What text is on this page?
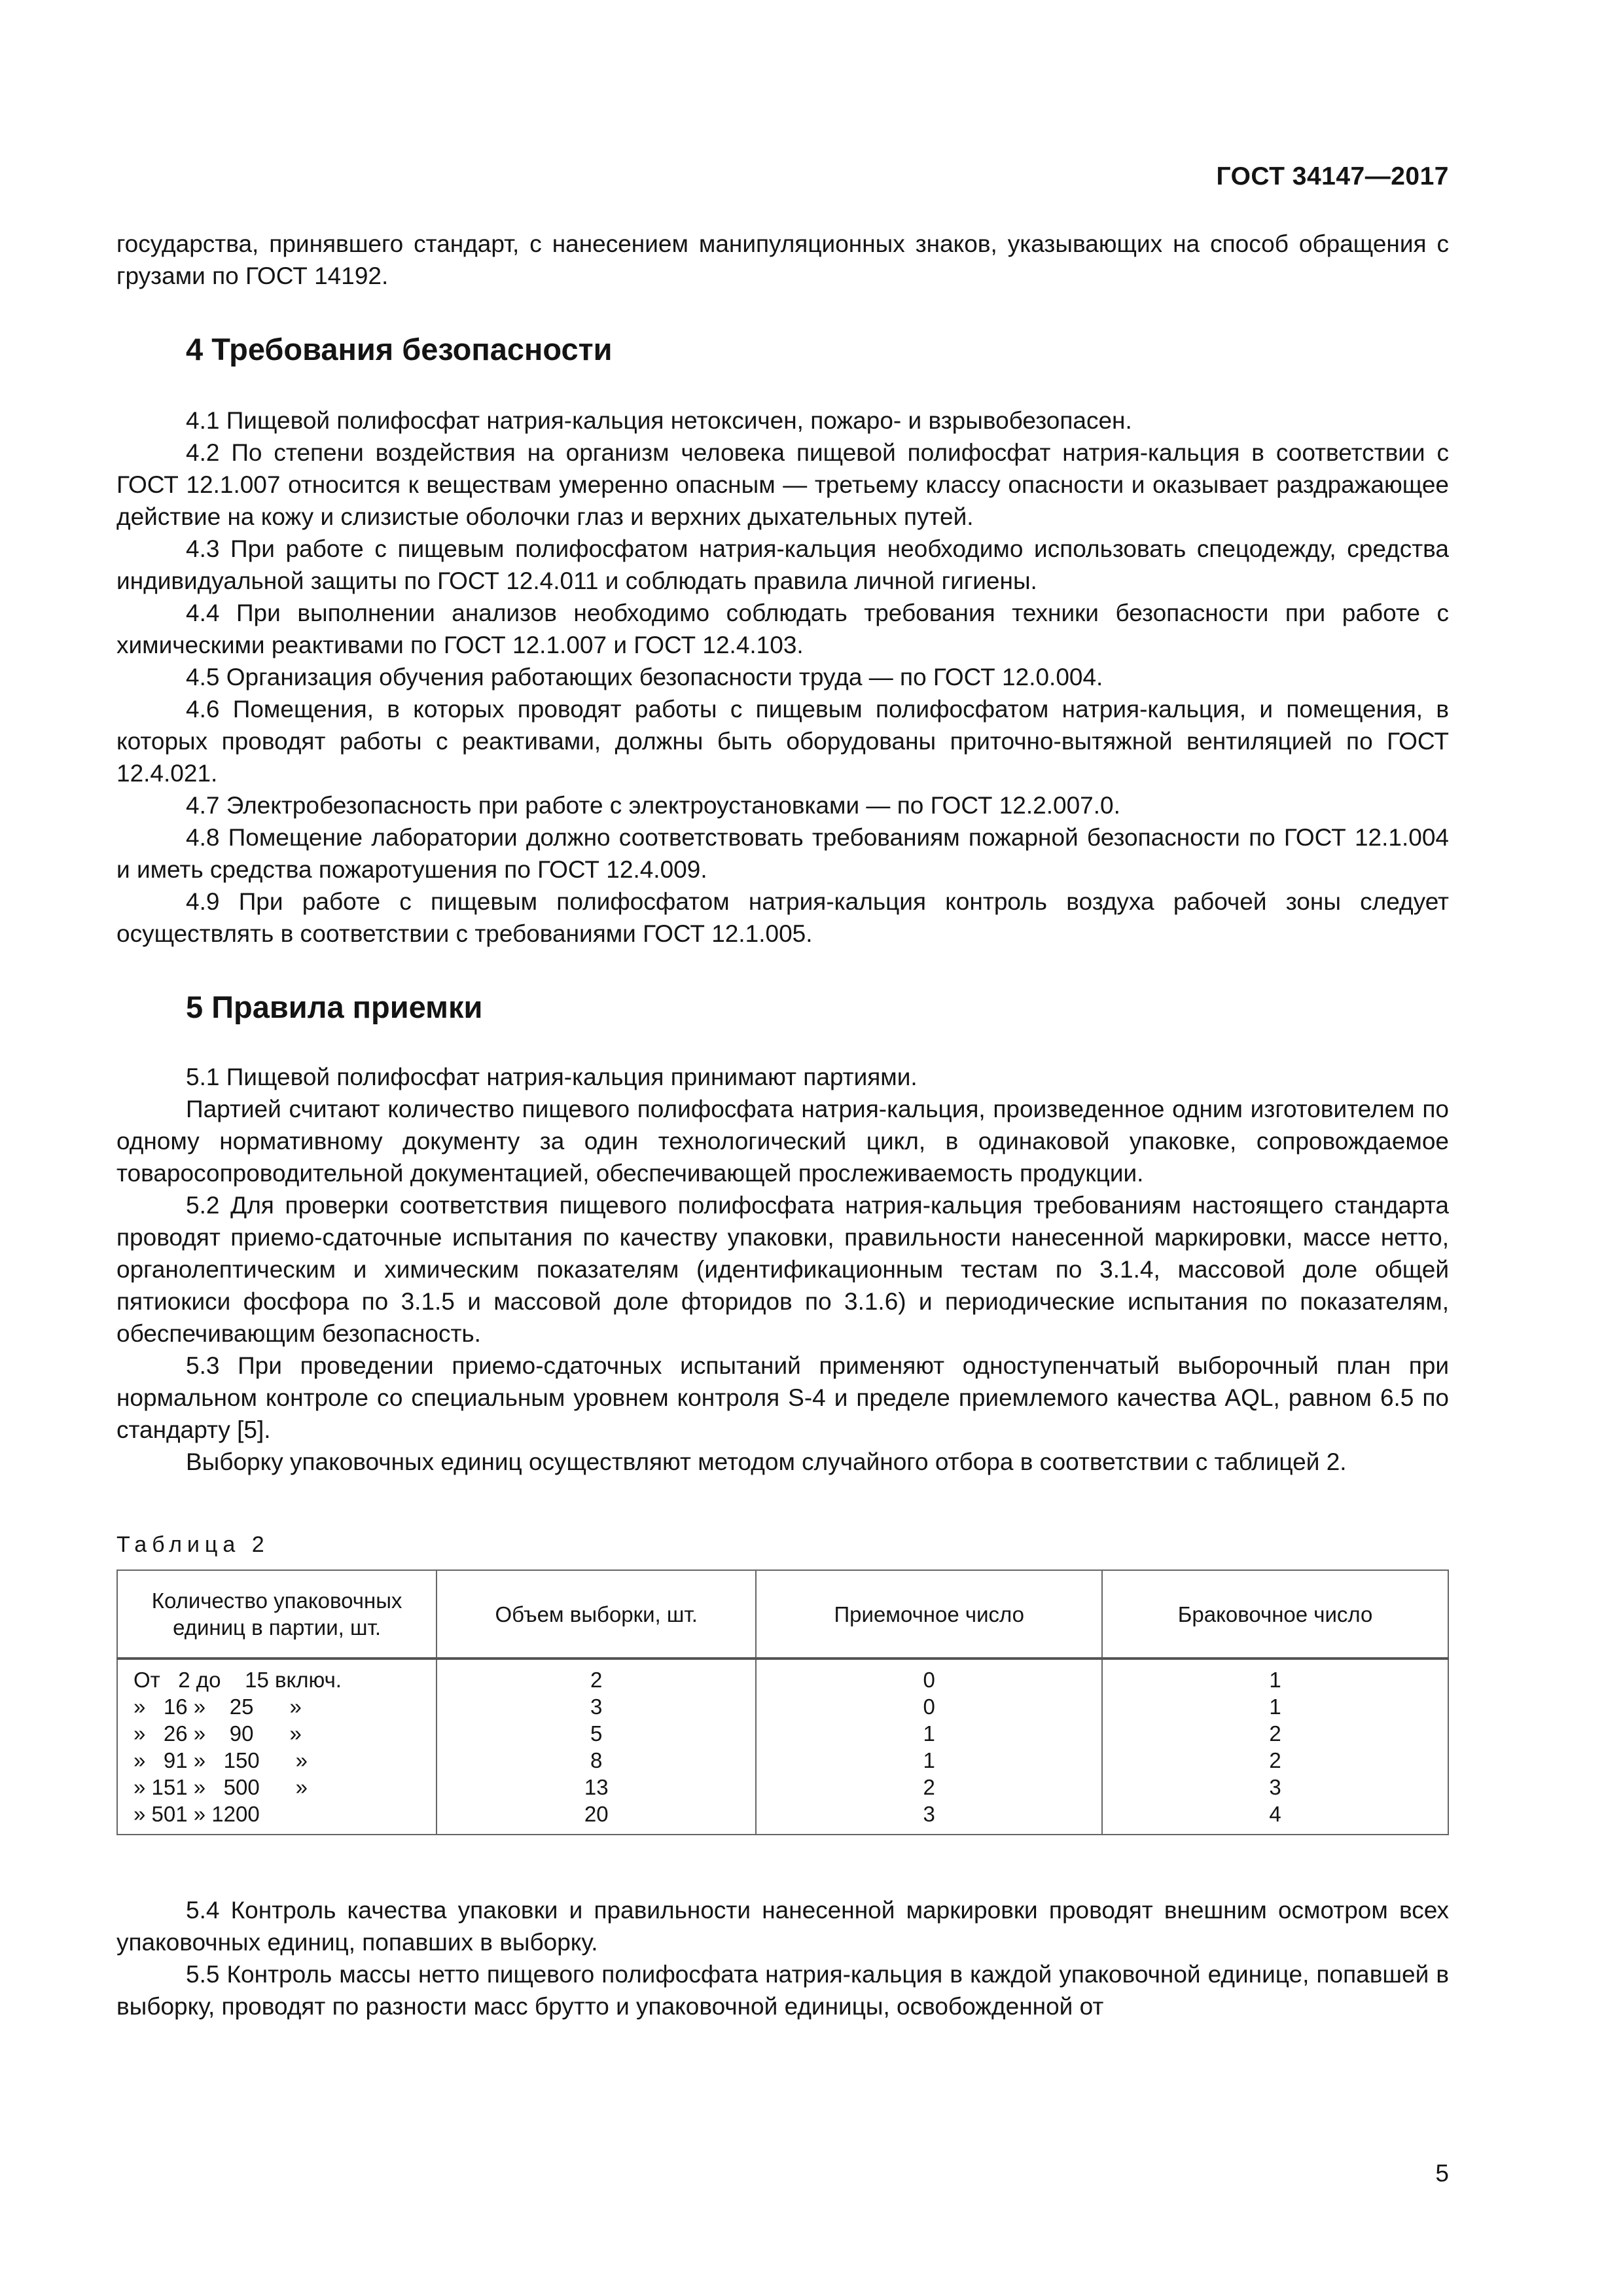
ГОСТ 34147—2017

государства, принявшего стандарт, с нанесением манипуляционных знаков, указывающих на способ обращения с грузами по ГОСТ 14192.

4 Требования безопасности

4.1 Пищевой полифосфат натрия-кальция нетоксичен, пожаро- и взрывобезопасен.

4.2 По степени воздействия на организм человека пищевой полифосфат натрия-кальция в соответствии с ГОСТ 12.1.007 относится к веществам умеренно опасным — третьему классу опасности и оказывает раздражающее действие на кожу и слизистые оболочки глаз и верхних дыхательных путей.

4.3 При работе с пищевым полифосфатом натрия-кальция необходимо использовать спецодежду, средства индивидуальной защиты по ГОСТ 12.4.011 и соблюдать правила личной гигиены.

4.4 При выполнении анализов необходимо соблюдать требования техники безопасности при работе с химическими реактивами по ГОСТ 12.1.007 и ГОСТ 12.4.103.

4.5 Организация обучения работающих безопасности труда — по ГОСТ 12.0.004.

4.6 Помещения, в которых проводят работы с пищевым полифосфатом натрия-кальция, и помещения, в которых проводят работы с реактивами, должны быть оборудованы приточно-вытяжной вентиляцией по ГОСТ 12.4.021.

4.7 Электробезопасность при работе с электроустановками — по ГОСТ 12.2.007.0.

4.8 Помещение лаборатории должно соответствовать требованиям пожарной безопасности по ГОСТ 12.1.004 и иметь средства пожаротушения по ГОСТ 12.4.009.

4.9 При работе с пищевым полифосфатом натрия-кальция контроль воздуха рабочей зоны следует осуществлять в соответствии с требованиями ГОСТ 12.1.005.

5 Правила приемки

5.1 Пищевой полифосфат натрия-кальция принимают партиями.

Партией считают количество пищевого полифосфата натрия-кальция, произведенное одним изготовителем по одному нормативному документу за один технологический цикл, в одинаковой упаковке, сопровождаемое товаросопроводительной документацией, обеспечивающей прослеживаемость продукции.

5.2 Для проверки соответствия пищевого полифосфата натрия-кальция требованиям настоящего стандарта проводят приемо-сдаточные испытания по качеству упаковки, правильности нанесенной маркировки, массе нетто, органолептическим и химическим показателям (идентификационным тестам по 3.1.4, массовой доле общей пятиокиси фосфора по 3.1.5 и массовой доле фторидов по 3.1.6) и периодические испытания по показателям, обеспечивающим безопасность.

5.3 При проведении приемо-сдаточных испытаний применяют одноступенчатый выборочный план при нормальном контроле со специальным уровнем контроля S-4 и пределе приемлемого качества AQL, равном 6.5 по стандарту [5].

Выборку упаковочных единиц осуществляют методом случайного отбора в соответствии с таблицей 2.

Таблица 2
Количество упаковочных единиц в партии, шт.	Объем выборки, шт.	Приемочное число	Браковочное число
От   2 до    15 включ.	2	0	1
»   16 »    25      »	3	0	1
»   26 »    90      »	5	1	2
»   91 »   150      »	8	1	2
» 151 »   500      »	13	2	3
» 501 » 1200	20	3	4

5.4 Контроль качества упаковки и правильности нанесенной маркировки проводят внешним осмотром всех упаковочных единиц, попавших в выборку.

5.5 Контроль массы нетто пищевого полифосфата натрия-кальция в каждой упаковочной единице, попавшей в выборку, проводят по разности масс брутто и упаковочной единицы, освобожденной от

5
